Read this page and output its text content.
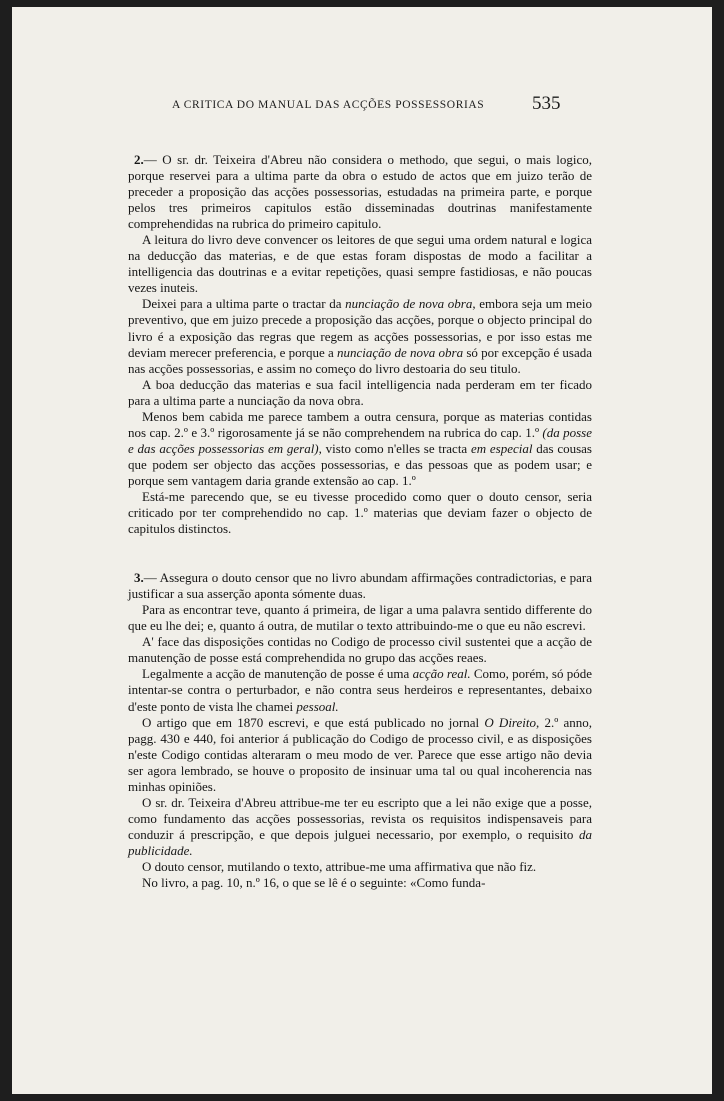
A CRITICA DO MANUAL DAS ACÇÕES POSSESSORIAS	535

2.— O sr. dr. Teixeira d'Abreu não considera o methodo, que segui, o mais logico, porque reservei para a ultima parte da obra o estudo de actos que em juizo terão de preceder a proposição das acções possessorias, estudadas na primeira parte, e porque pelos tres primeiros capitulos estão disseminadas doutrinas manifestamente comprehendidas na rubrica do primeiro capitulo.

A leitura do livro deve convencer os leitores de que segui uma ordem natural e logica na deducção das materias, e de que estas foram dispostas de modo a facilitar a intelligencia das doutrinas e a evitar repetições, quasi sempre fastidiosas, e não poucas vezes inuteis.

Deixei para a ultima parte o tractar da nunciação de nova obra, embora seja um meio preventivo, que em juizo precede a proposição das acções, porque o objecto principal do livro é a exposição das regras que regem as acções possessorias, e por isso estas me deviam merecer preferencia, e porque a nunciação de nova obra só por excepção é usada nas acções possessorias, e assim no começo do livro destoaria do seu titulo.

A boa deducção das materias e sua facil intelligencia nada perderam em ter ficado para a ultima parte a nunciação da nova obra.

Menos bem cabida me parece tambem a outra censura, porque as materias contidas nos cap. 2.º e 3.º rigorosamente já se não comprehendem na rubrica do cap. 1.º (da posse e das acções possessorias em geral), visto como n'elles se tracta em especial das cousas que podem ser objecto das acções possessorias, e das pessoas que as podem usar; e porque sem vantagem daria grande extensão ao cap. 1.º

Está-me parecendo que, se eu tivesse procedido como quer o douto censor, seria criticado por ter comprehendido no cap. 1.º materias que deviam fazer o objecto de capitulos distinctos.

3.— Assegura o douto censor que no livro abundam affirmações contradictorias, e para justificar a sua asserção aponta sómente duas.

Para as encontrar teve, quanto á primeira, de ligar a uma palavra sentido differente do que eu lhe dei; e, quanto á outra, de mutilar o texto attribuindo-me o que eu não escrevi.

A' face das disposições contidas no Codigo de processo civil sustentei que a acção de manutenção de posse está comprehendida no grupo das acções reaes.

Legalmente a acção de manutenção de posse é uma acção real. Como, porém, só póde intentar-se contra o perturbador, e não contra seus herdeiros e representantes, debaixo d'este ponto de vista lhe chamei pessoal.

O artigo que em 1870 escrevi, e que está publicado no jornal O Direito, 2.º anno, pagg. 430 e 440, foi anterior á publicação do Codigo de processo civil, e as disposições n'este Codigo contidas alteraram o meu modo de ver. Parece que esse artigo não devia ser agora lembrado, se houve o proposito de insinuar uma tal ou qual incoherencia nas minhas opiniões.

O sr. dr. Teixeira d'Abreu attribue-me ter eu escripto que a lei não exige que a posse, como fundamento das acções possessorias, revista os requisitos indispensaveis para conduzir á prescripção, e que depois julguei necessario, por exemplo, o requisito da publicidade.

O douto censor, mutilando o texto, attribue-me uma affirmativa que não fiz.

No livro, a pag. 10, n.º 16, o que se lê é o seguinte: «Como funda-
